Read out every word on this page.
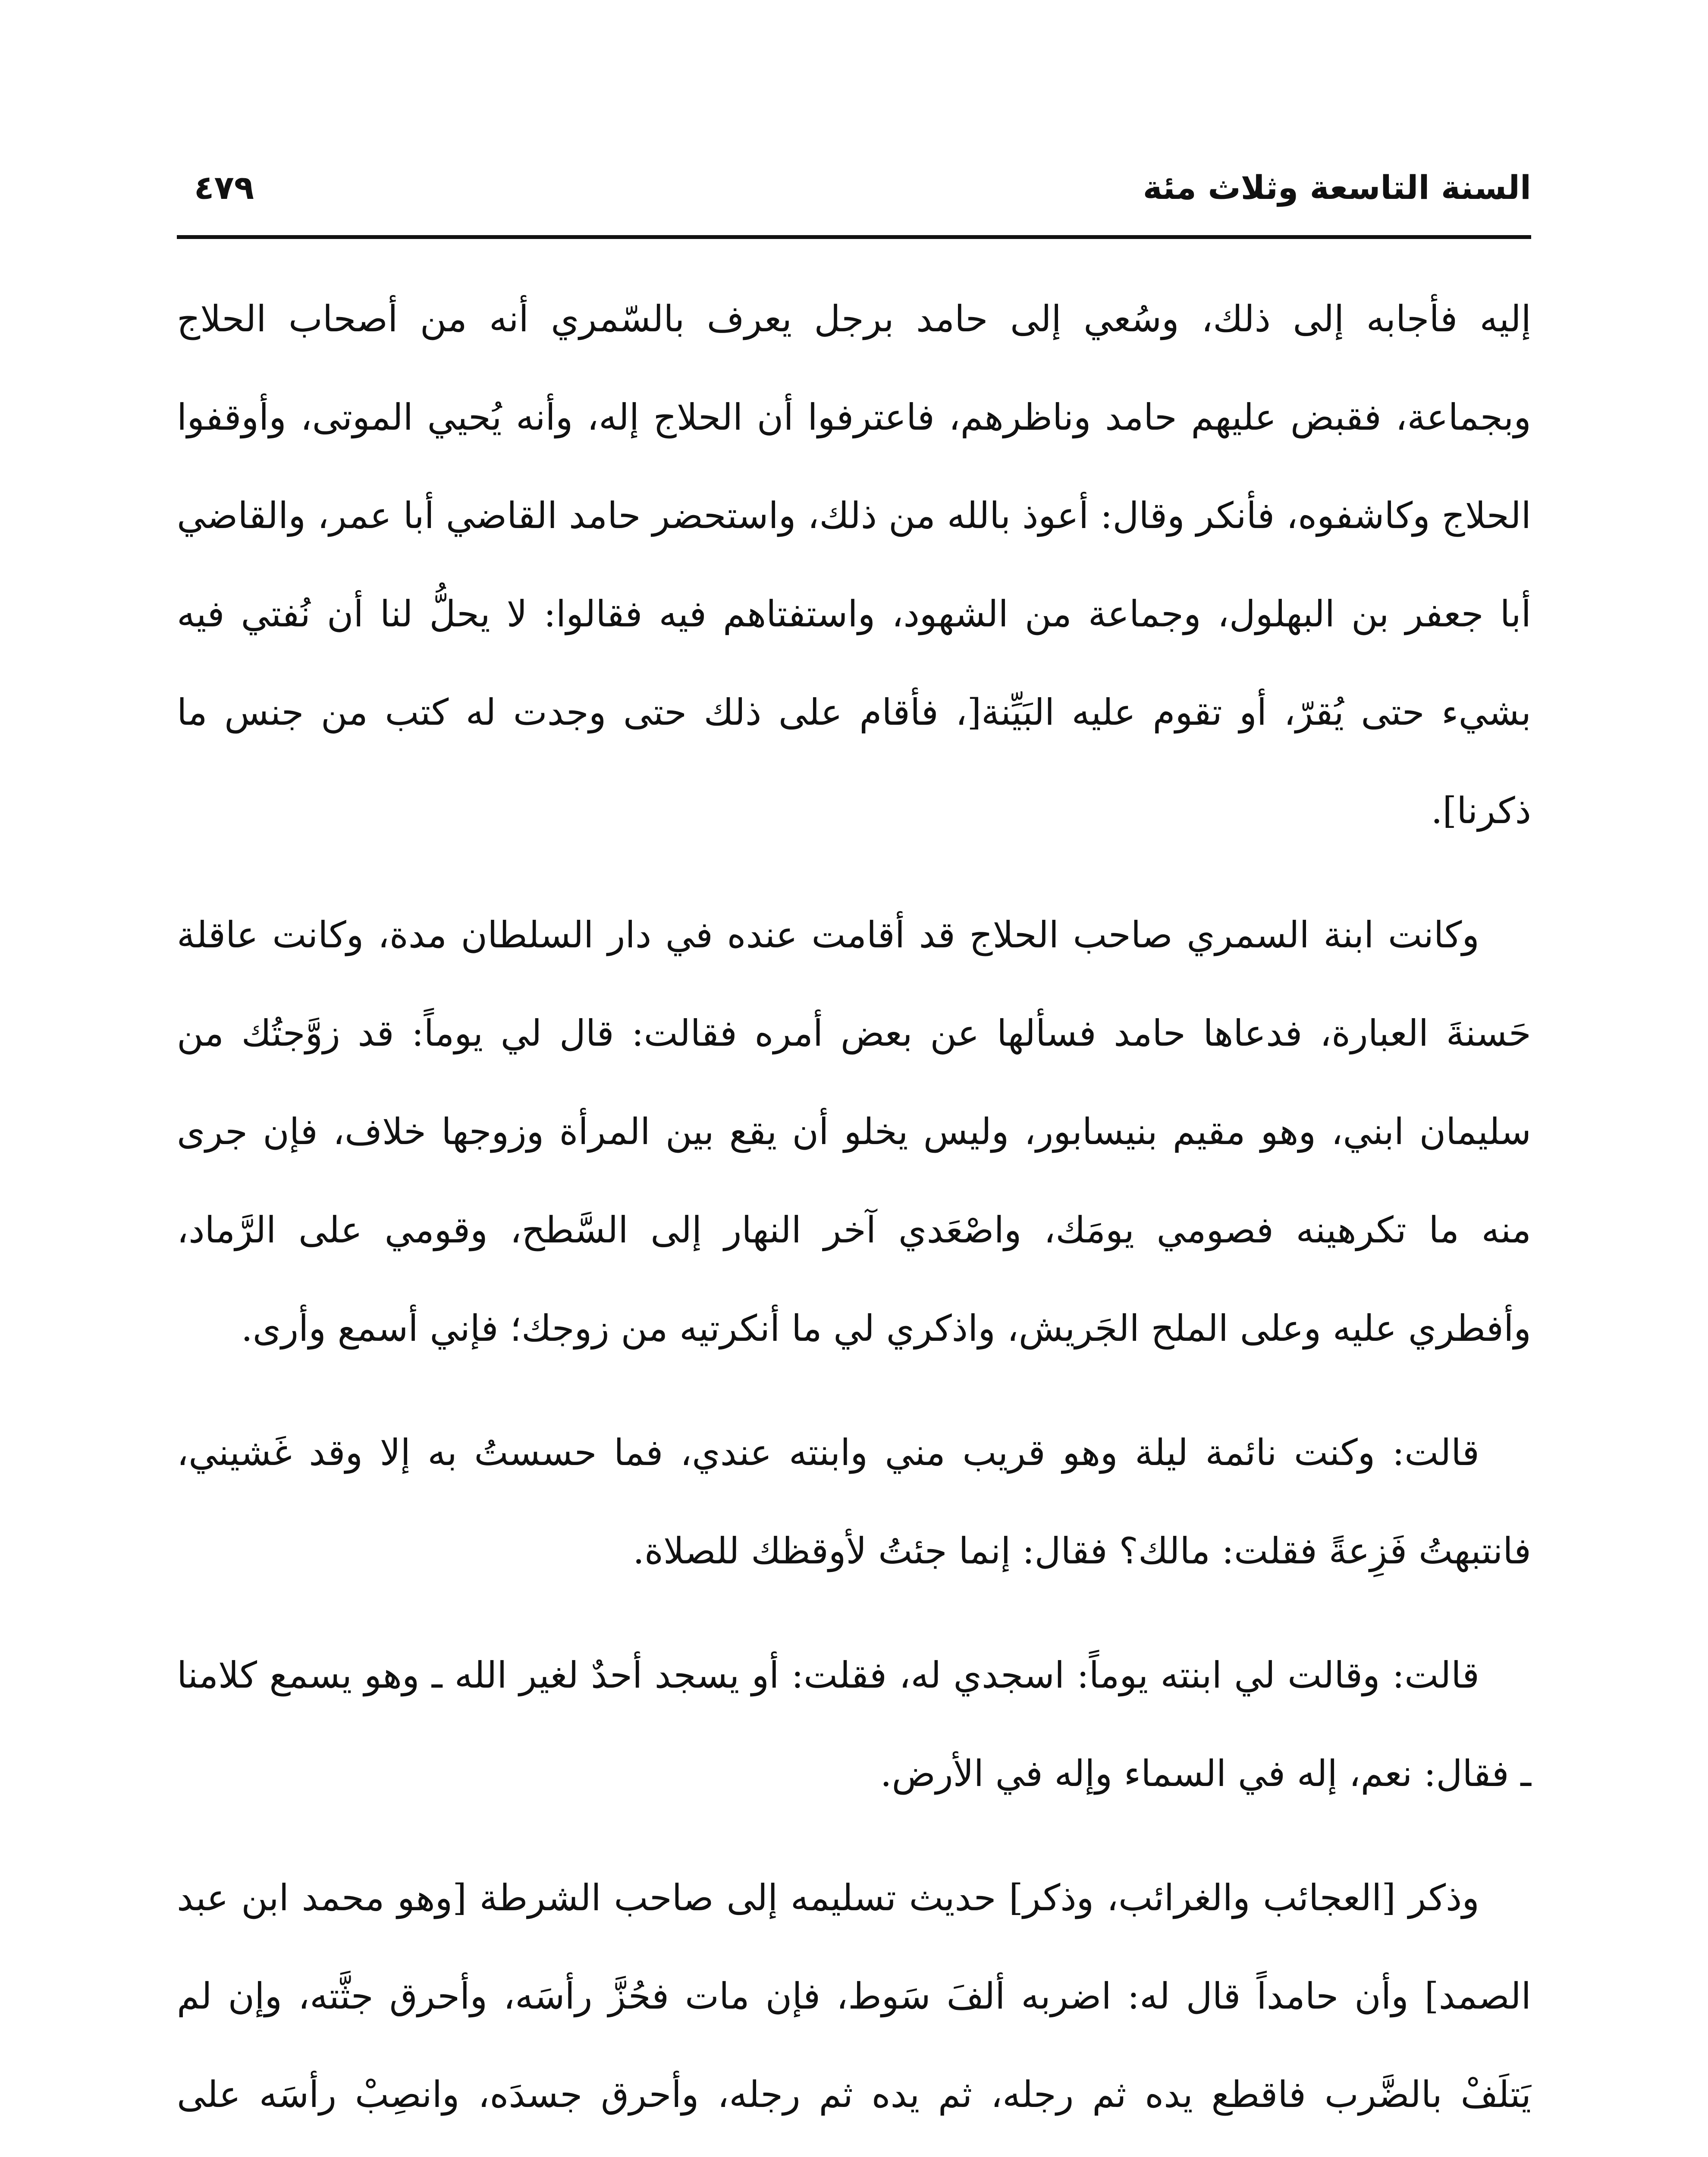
السنة التاسعة وثلاث مئة
٤٧٩

إليه فأجابه إلى ذلك، وسُعي إلى حامد برجل يعرف بالسّمري أنه من أصحاب الحلاج وبجماعة، فقبض عليهم حامد وناظرهم، فاعترفوا أن الحلاج إله، وأنه يُحيي الموتى، وأوقفوا الحلاج وكاشفوه، فأنكر وقال: أعوذ بالله من ذلك، واستحضر حامد القاضي أبا عمر، والقاضي أبا جعفر بن البهلول، وجماعة من الشهود، واستفتاهم فيه فقالوا: لا يحلُّ لنا أن نُفتي فيه بشيء حتى يُقرّ، أو تقوم عليه البَيِّنة[، فأقام على ذلك حتى وجدت له كتب من جنس ما ذكرنا].

وكانت ابنة السمري صاحب الحلاج قد أقامت عنده في دار السلطان مدة، وكانت عاقلة حَسنةَ العبارة، فدعاها حامد فسألها عن بعض أمره فقالت: قال لي يوماً: قد زوَّجتُك من سليمان ابني، وهو مقيم بنيسابور، وليس يخلو أن يقع بين المرأة وزوجها خلاف، فإن جرى منه ما تكرهينه فصومي يومَك، واصْعَدي آخر النهار إلى السَّطح، وقومي على الرَّماد، وأفطري عليه وعلى الملح الجَريش، واذكري لي ما أنكرتيه من زوجك؛ فإني أسمع وأرى.

قالت: وكنت نائمة ليلة وهو قريب مني وابنته عندي، فما حسستُ به إلا وقد غَشيني، فانتبهتُ فَزِعةً فقلت: مالك؟ فقال: إنما جئتُ لأوقظك للصلاة.

قالت: وقالت لي ابنته يوماً: اسجدي له، فقلت: أو يسجد أحدٌ لغير الله ـ وهو يسمع كلامنا ـ فقال: نعم، إله في السماء وإله في الأرض.

وذكر [العجائب والغرائب، وذكر] حديث تسليمه إلى صاحب الشرطة [وهو محمد ابن عبد الصمد] وأن حامداً قال له: اضربه ألفَ سَوط، فإن مات فحُزَّ رأسَه، وأحرق جثَّته، وإن لم يَتلَفْ بالضَّرب فاقطع يده ثم رجله، ثم يده ثم رجله، وأحرق جسدَه، وانصِبْ رأسَه على
